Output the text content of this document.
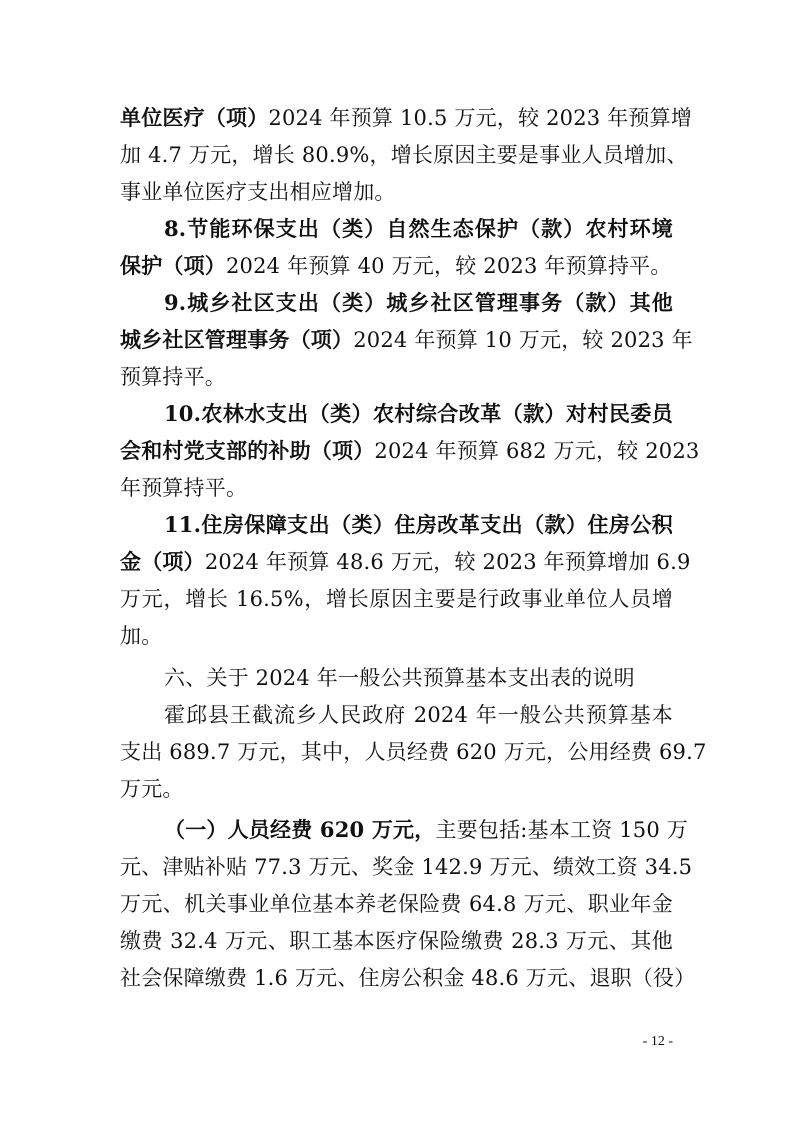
单位医疗（项）2024 年预算 10.5 万元，较 2023 年预算增
加 4.7 万元，增长 80.9%，增长原因主要是事业人员增加、
事业单位医疗支出相应增加。
8.节能环保支出（类）自然生态保护（款）农村环境
保护（项）2024 年预算 40 万元，较 2023 年预算持平。
9.城乡社区支出（类）城乡社区管理事务（款）其他
城乡社区管理事务（项）2024 年预算 10 万元，较 2023 年
预算持平。
10.农林水支出（类）农村综合改革（款）对村民委员
会和村党支部的补助（项）2024 年预算 682 万元，较 2023
年预算持平。
11.住房保障支出（类）住房改革支出（款）住房公积
金（项）2024 年预算 48.6 万元，较 2023 年预算增加 6.9
万元，增长 16.5%，增长原因主要是行政事业单位人员增
加。
六、关于 2024 年一般公共预算基本支出表的说明
霍邱县王截流乡人民政府 2024 年一般公共预算基本
支出 689.7 万元，其中，人员经费 620 万元，公用经费 69.7
万元。
（一）人员经费 620 万元，主要包括:基本工资 150 万
元、津贴补贴 77.3 万元、奖金 142.9 万元、绩效工资 34.5
万元、机关事业单位基本养老保险费 64.8 万元、职业年金
缴费 32.4 万元、职工基本医疗保险缴费 28.3 万元、其他
社会保障缴费 1.6 万元、住房公积金 48.6 万元、退职（役）
- 12 -
